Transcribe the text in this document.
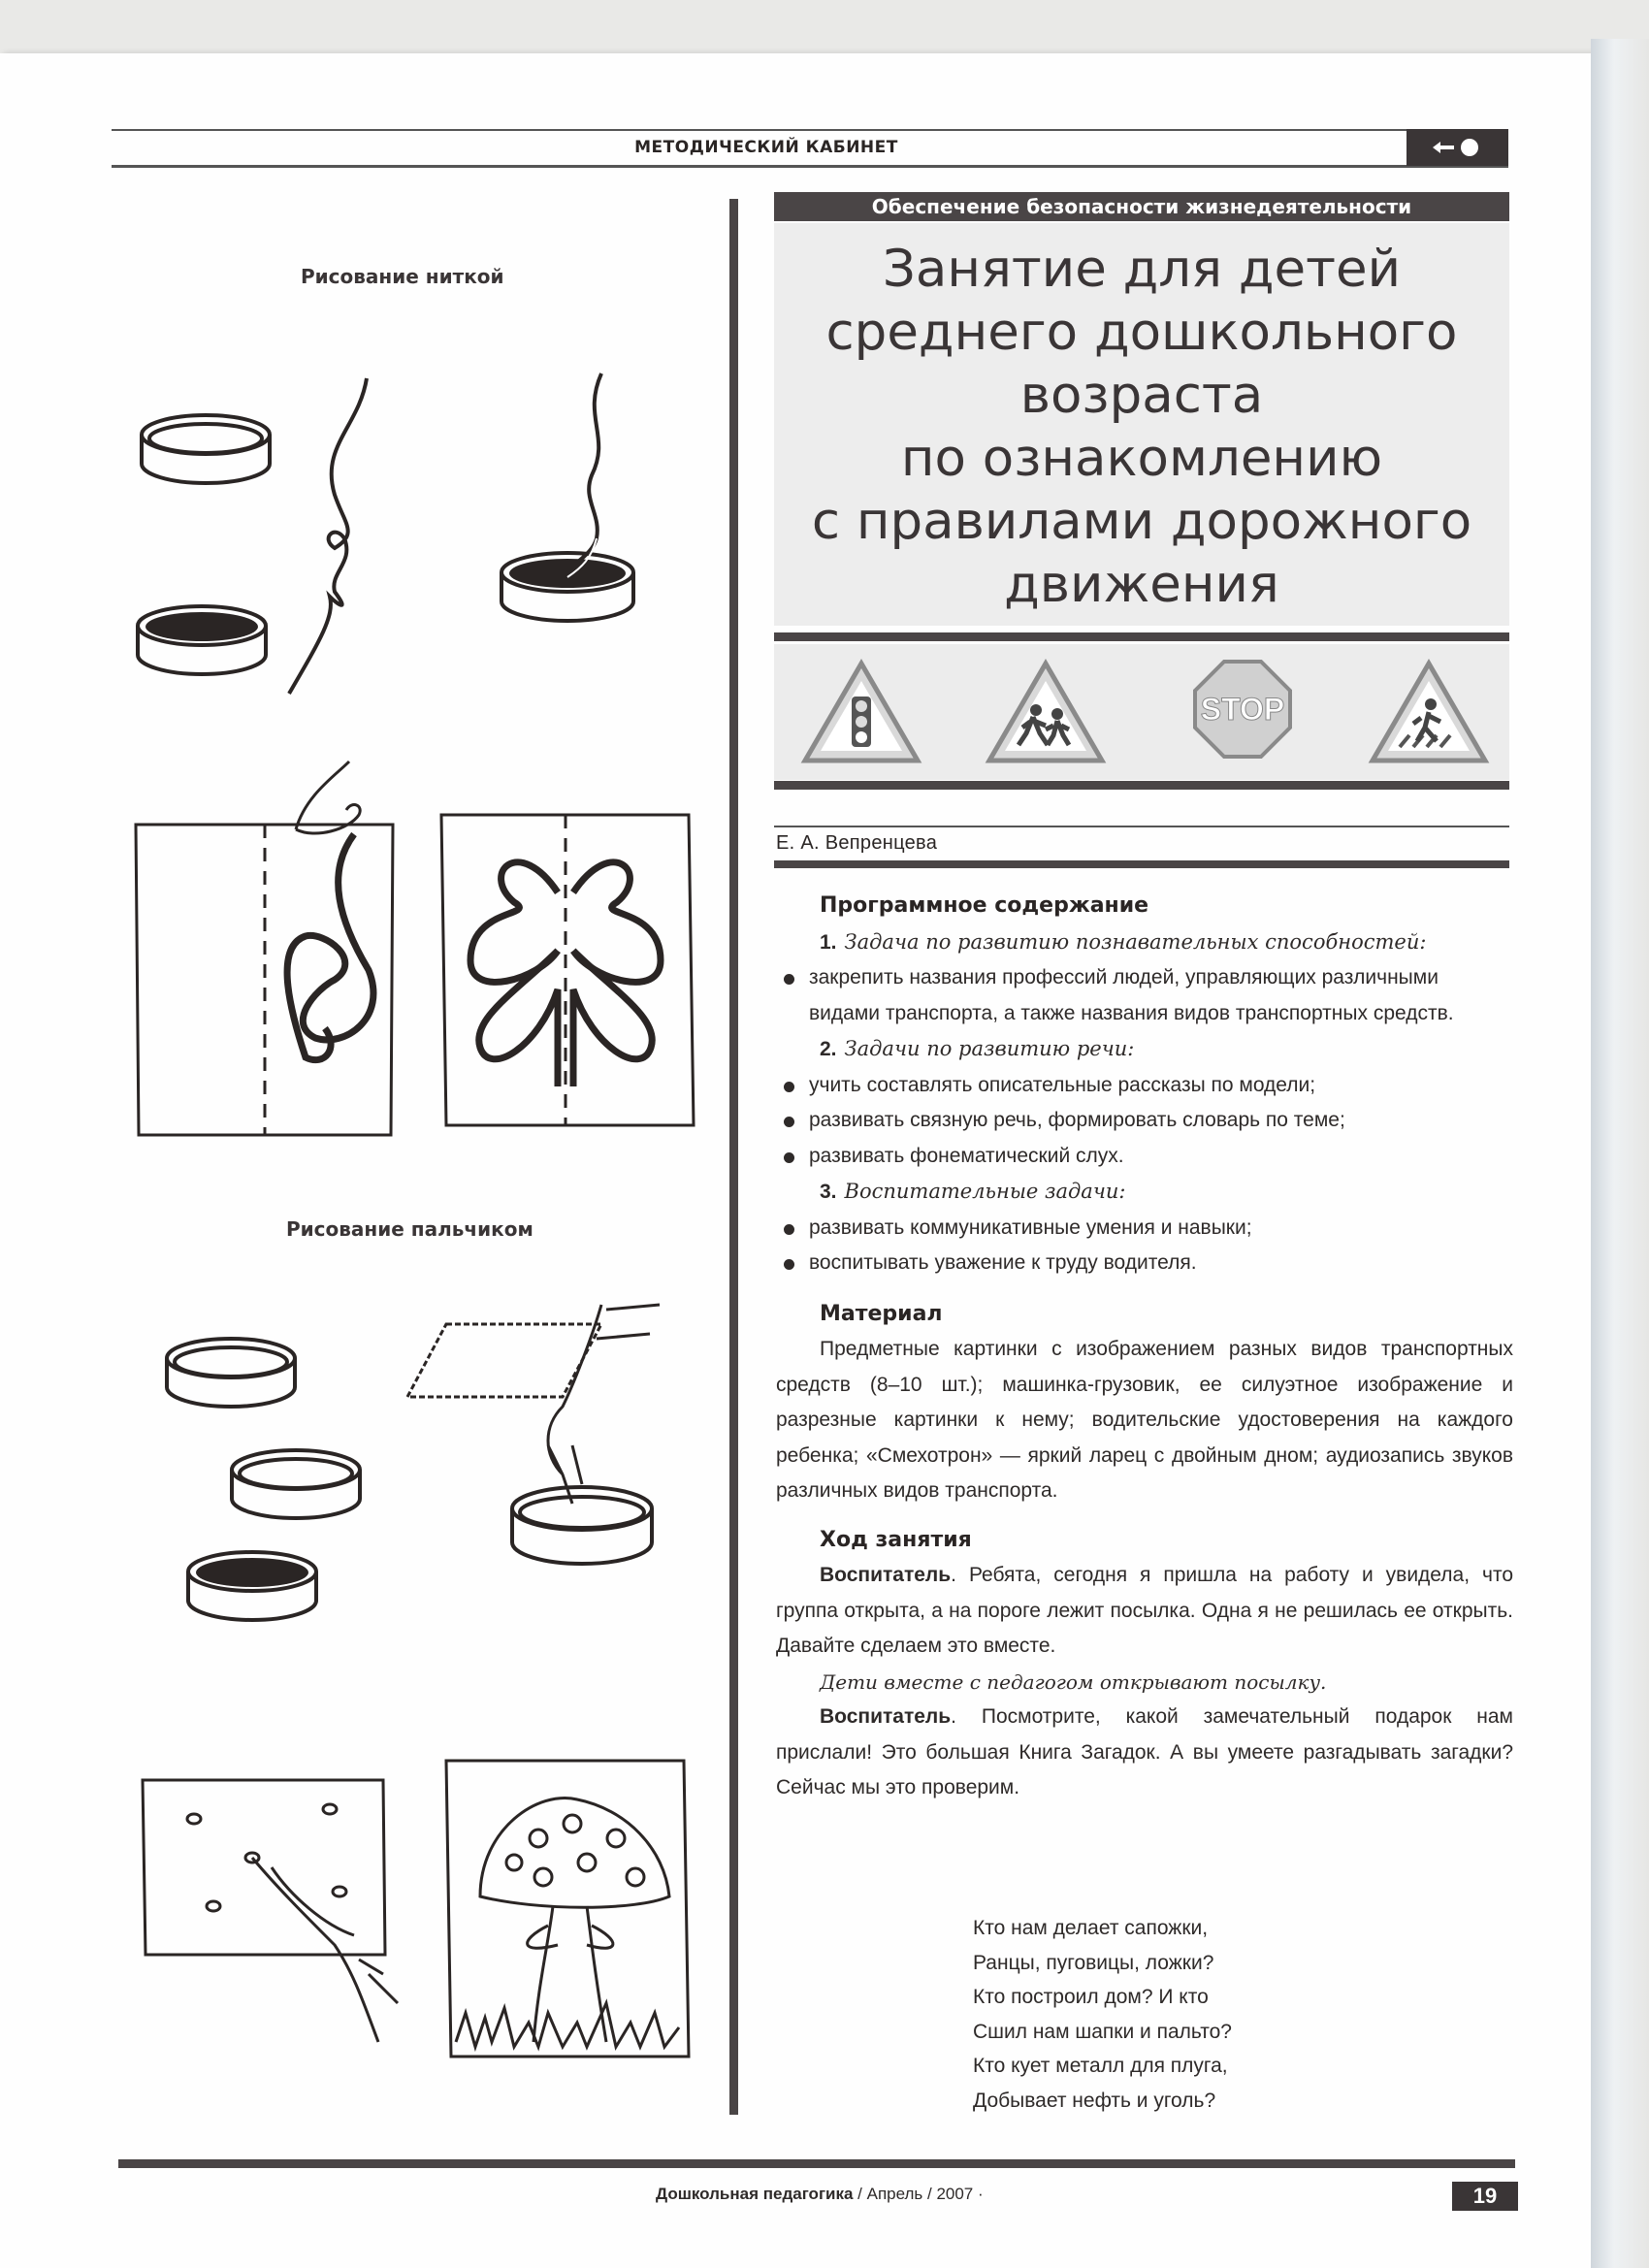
МЕТОДИЧЕСКИЙ КАБИНЕТ
Рисование ниткой
Рисование пальчиком
Обеспечение безопасности жизнедеятельности
Занятие для детей
среднего дошкольного
возраста
по ознакомлению
с правилами дорожного
движения
STOP
Е. А. Вепренцева
Программное содержание
1. Задача по развитию познавательных способностей:
закрепить названия профессий людей, управляющих различными видами транспорта, а также названия видов транспортных средств.
2. Задачи по развитию речи:
учить составлять описательные рассказы по модели;
развивать связную речь, формировать словарь по теме;
развивать фонематический слух.
3. Воспитательные задачи:
развивать коммуникативные умения и навыки;
воспитывать уважение к труду водителя.
Материал
Предметные картинки с изображением разных видов транспортных средств (8–10 шт.); машинка-грузовик, ее силуэтное изображение и разрезные картинки к нему; водительские удостоверения на каждого ребенка; «Смехотрон» — яркий ларец с двойным дном; аудиозапись звуков различных видов транспорта.
Ход занятия
Воспитатель. Ребята, сегодня я пришла на работу и увидела, что группа открыта, а на пороге лежит посылка. Одна я не решилась ее открыть. Давайте сделаем это вместе.
Дети вместе с педагогом открывают посылку.
Воспитатель. Посмотрите, какой замечательный подарок нам прислали! Это большая Книга Загадок. А вы умеете разгадывать загадки? Сейчас мы это проверим.
Кто нам делает сапожки,
Ранцы, пуговицы, ложки?
Кто построил дом? И кто
Сшил нам шапки и пальто?
Кто кует металл для плуга,
Добывает нефть и уголь?
Дошкольная педагогика / Апрель / 2007 ·	19
